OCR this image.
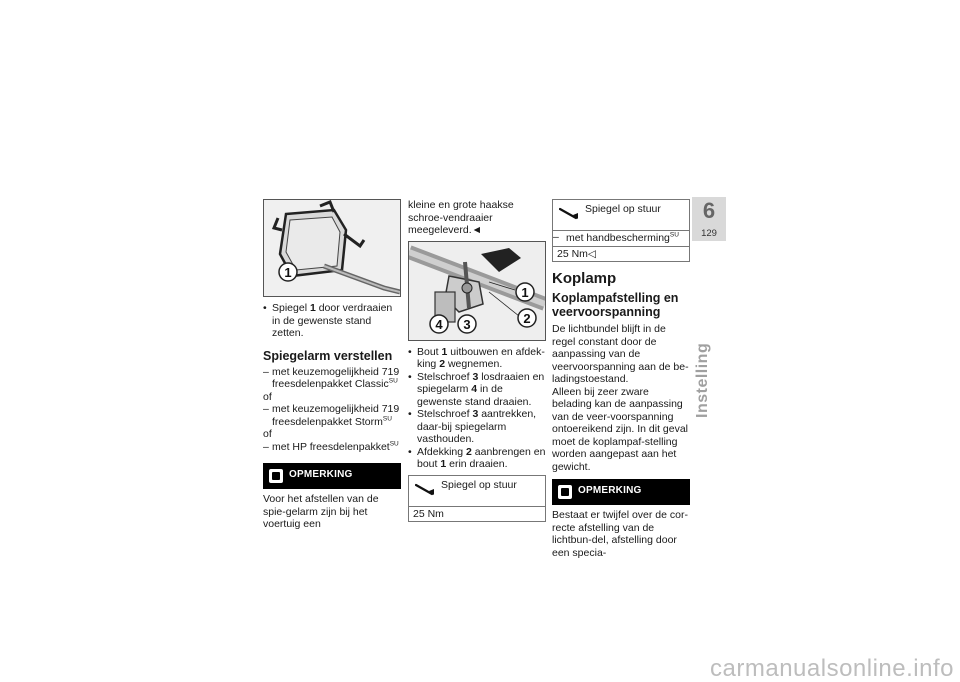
1
• Spiegel 1 door verdraaien in de gewenste stand zetten.
Spiegelarm verstellen
– met keuzemogelijkheid 719 freesdelenpakket Classic$^{SU}$
of
– met keuzemogelijkheid 719 freesdelenpakket Storm$^{SU}$
of
– met HP freesdelenpakket$^{SU}$
OPMERKING
Voor het afstellen van de spie-gelarm zijn bij het voertuig een
kleine en grote haakse schroe-vendraaier meegeleverd.◄
1
2
3
4
• Bout 1 uitbouwen en afdek-king 2 wegnemen.
• Stelschroef 3 losdraaien en spiegelarm 4 in de gewenste stand draaien.
• Stelschroef 3 aantrekken, daar-bij spiegelarm vasthouden.
• Afdekking 2 aanbrengen en bout 1 erin draaien.
Spiegel op stuur
25 Nm
Spiegel op stuur
– met handbescherming$^{SU}$
25 Nm◁
Koplamp
Koplampafstelling en veervoorspanning
De lichtbundel blijft in de regel constant door de aanpassing van de veervoorspanning aan de be-ladingstoestand.
Alleen bij zeer zware belading kan de aanpassing van de veer-voorspanning ontoereikend zijn. In dit geval moet de koplampaf-stelling worden aangepast aan het gewicht.
OPMERKING
Bestaat er twijfel over de cor-recte afstelling van de lichtbun-del, afstelling door een specia-
6
129
Instelling
carmanualsonline.info
